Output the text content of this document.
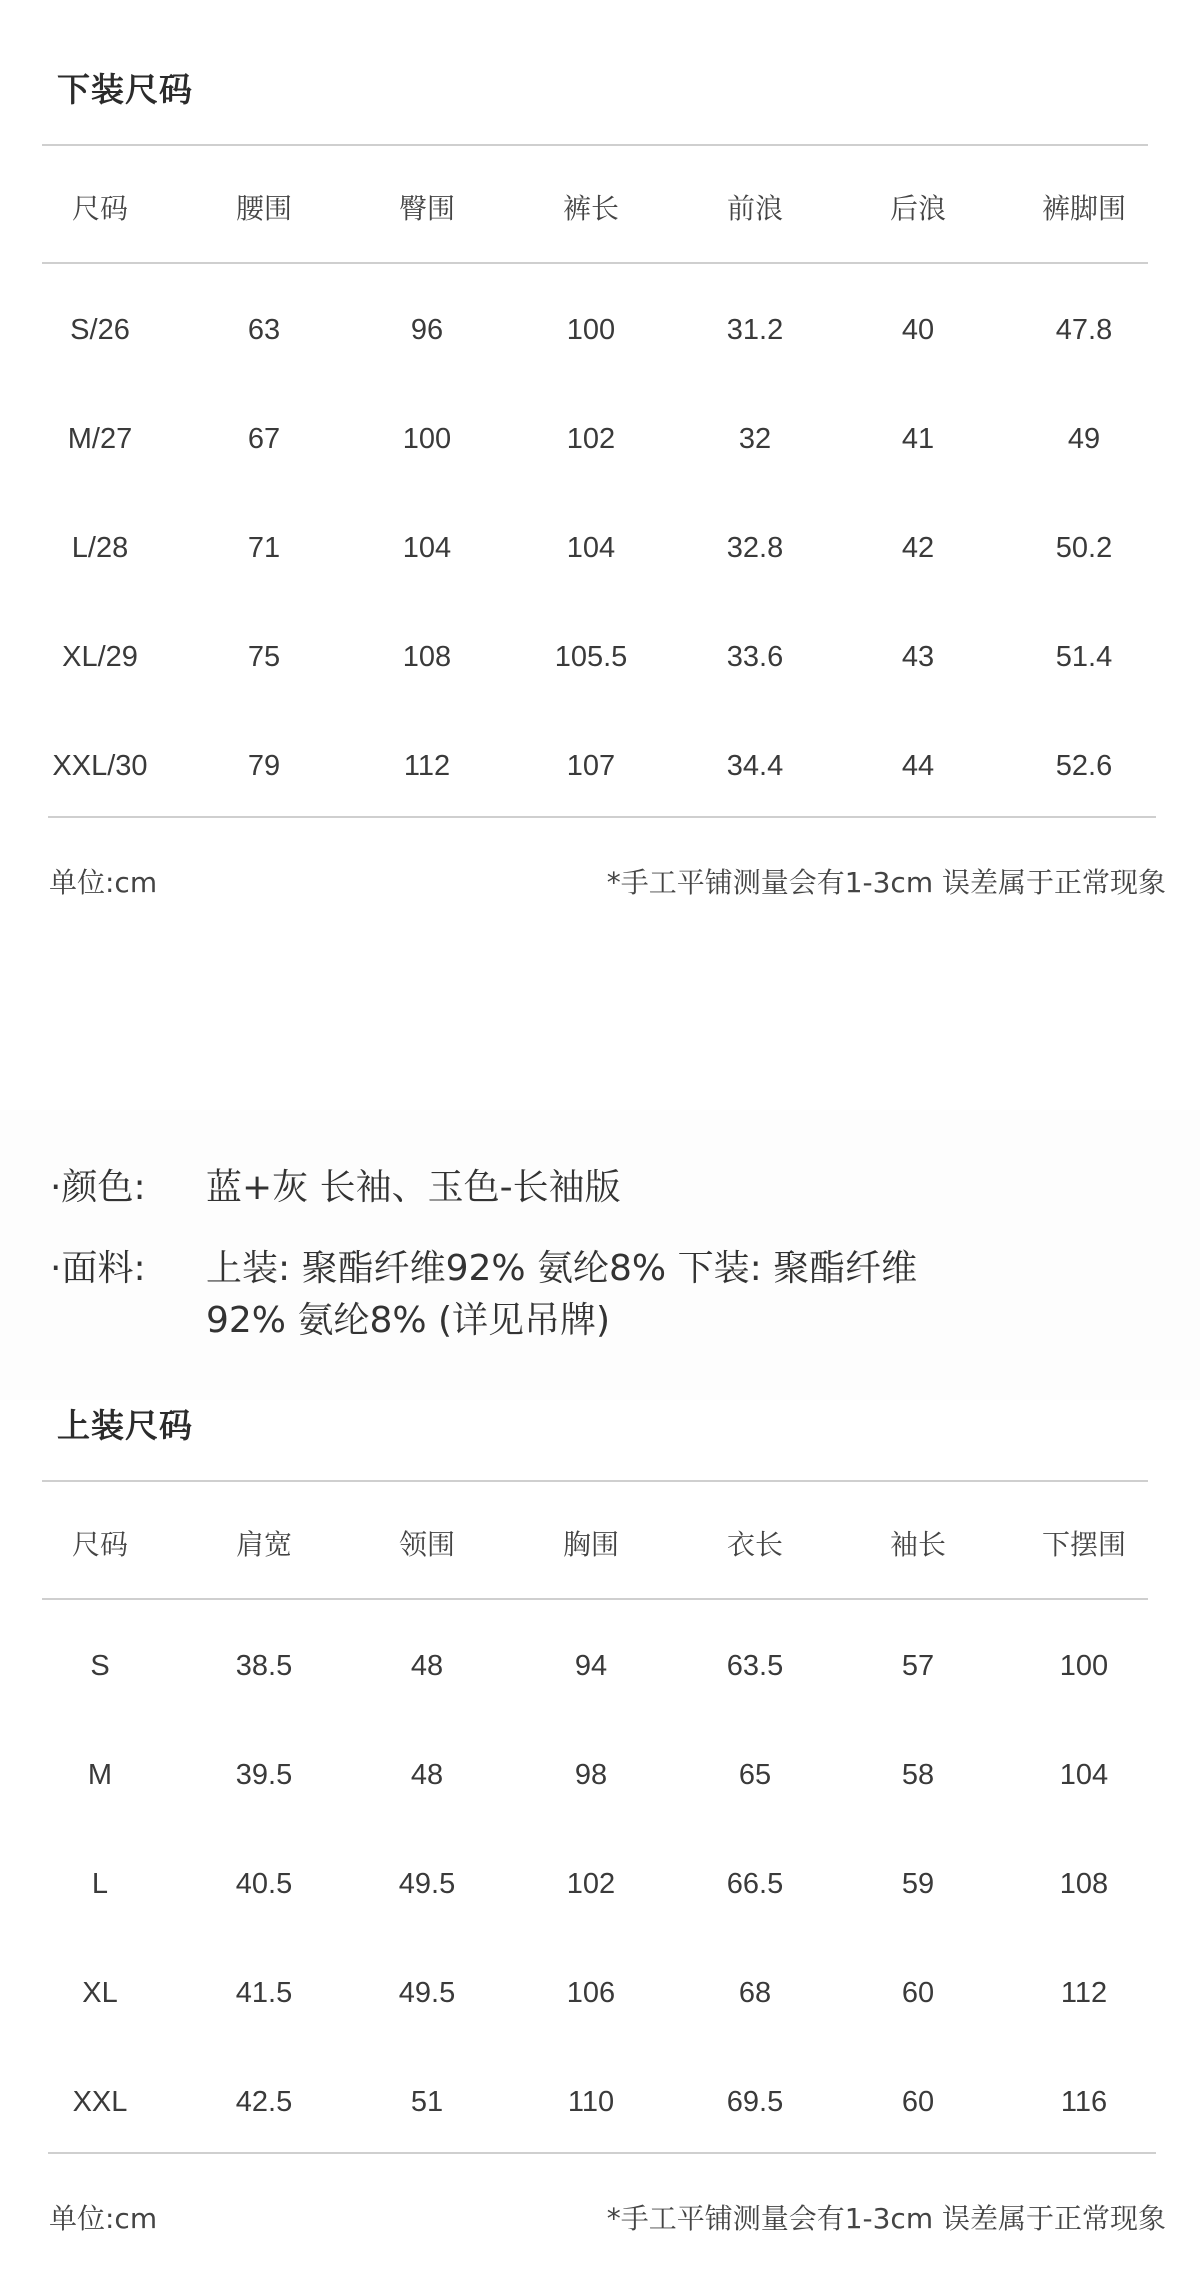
下装尺码
尺码	腰围	臀围	裤长	前浪	后浪	裤脚围
S/26	63	96	100	31.2	40	47.8
M/27	67	100	102	32	41	49
L/28	71	104	104	32.8	42	50.2
XL/29	75	108	105.5	33.6	43	51.4
XXL/30	79	112	107	34.4	44	52.6
单位:cm	*手工平铺测量会有1-3cm 误差属于正常现象
·颜色: 蓝+灰 长袖、玉色-长袖版
·面料: 上装: 聚酯纤维92% 氨纶8% 下装: 聚酯纤维
92% 氨纶8% (详见吊牌)
上装尺码
尺码	肩宽	领围	胸围	衣长	袖长	下摆围
S	38.5	48	94	63.5	57	100
M	39.5	48	98	65	58	104
L	40.5	49.5	102	66.5	59	108
XL	41.5	49.5	106	68	60	112
XXL	42.5	51	110	69.5	60	116
单位:cm	*手工平铺测量会有1-3cm 误差属于正常现象
